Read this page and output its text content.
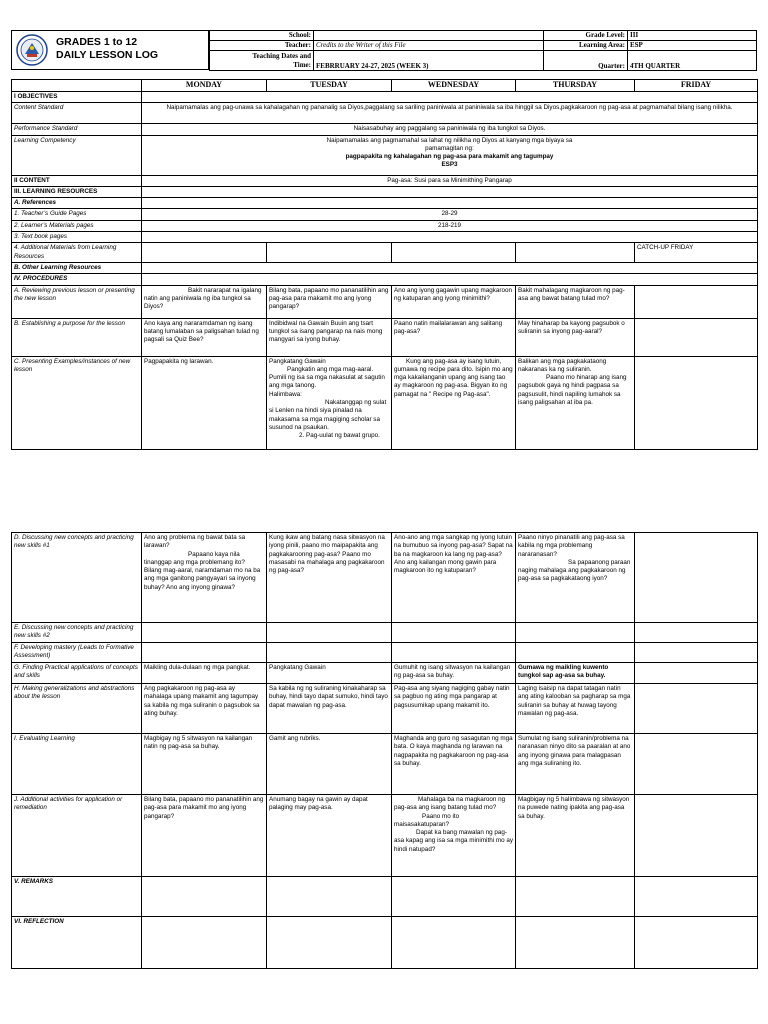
GRADES 1 to 12
DAILY LESSON LOG
School:		Grade Level:	III
Teacher:	Credits to the Writer of this File	Learning Area:	ESP

Teaching Dates and
Time:	FEBRRUARY 24-27, 2025 (WEEK 3)	Quarter:	4TH QUARTER
	MONDAY	TUESDAY	WEDNESDAY	THURSDAY	FRIDAY
I OBJECTIVES					
Content Standard	Naipamamalas ang pag-unawa sa kahalagahan ng pananalig sa Diyos,paggalang sa sariling paniniwala at paniniwala sa iba hinggil sa Diyos,pagkakaroon ng pag-asa at pagmamahal bilang isang nilikha.				
Performance Standard	Naisasabuhay ang paggalang sa paniniwala ng iba tungkol sa Diyos.				
Learning Competency	Naipamamalas ang pagmamahal sa lahat ng nilikha ng Diyos at kanyang mga biyaya sa pamamagitan ng:
pagpapakita ng kahalagahan ng pag-asa para makamit ang tagumpay
ESP3				

II CONTENT	Pag-asa: Susi para sa Minimithing Pangarap				
III. LEARNING RESOURCES					
A. References					
1. Teacher’s Guide Pages	28-29				
2. Learner’s Materials pages	218-219				
3. Text book pages					
4. Additional Materials from Learning Resources					CATCH-UP FRIDAY
B. Other Learning Resources					
IV. PROCEDURES					
A. Reviewing previous lesson or presenting the new lesson	Bakit nararapat na igalang natin ang paniniwala ng iba tungkol sa Diyos?	Bilang bata, papaano mo pananatilihin ang pag-asa para makamit mo ang iyong pangarap?	Ano ang iyong gagawin upang magkaroon ng katuparan ang iyong minimithi?	Bakit mahalagang magkaroon ng pag-asa ang bawat batang tulad mo?	
B. Establishing a purpose for the lesson	Ano kaya ang nararamdaman ng isang batang lumalaban sa paligsahan tulad ng pagsali sa Quiz Bee?	Indibidwal na Gawain Buuin ang tsart tungkol sa isang pangarap na nais mong mangyari sa iyong buhay.	Paano natin mailalarawan ang salitang pag-asa?	May hinaharap ba kayong pagsubok o suliranin sa inyong pag-aaral?	
C. Presenting Examples/instances of new lesson	Pagpapakita ng larawan.	Pangkatang Gawain
Pangkatin ang mga mag-aaral. Pumili ng isa sa mga nakasulat at sagutin ang mga tanong.
Halimbawa:
Nakatanggap ng sulat si Lenlen na hindi siya pinalad na makasama sa mga magiging scholar sa susunod na psaukan.
2. Pag-uulat ng bawat grupo.	Kung ang pag-asa ay isang lutuin, gumawa ng recipe para dito. Isipin mo ang mga kakailanganin upang ang isang tao ay magkaroon ng pag-asa. Bigyan ito ng pamagat na " Recipe ng Pag-asa".	Balikan ang mga pagkakataong nakaranas ka ng suliranin.
Paano mo hinarap ang isang pagsubok gaya ng hindi pagpasa sa pagsusulit, hindi napiling lumahok sa isang paligsahan at iba pa.	

D. Discussing new concepts and practicing new skills #1	Ano ang problema ng bawat bata sa larawan?
Papaano kaya nila tinanggap ang mga problemang ito?
Bilang mag-aaral, naramdaman mo na ba ang mga ganitong pangyayari sa inyong buhay? Ano ang inyong ginawa?	Kung ikaw ang batang nasa sitwasyon na iyong pinili, paano mo maipapakita ang pagkakaroonng pag-asa? Paano mo masasabi na mahalaga ang pagkakaroon ng pag-asa?	Ano-ano ang mga sangkap ng iyong lutuin na bumubuo sa inyong pag-asa? Sapat na ba na magkaroon ka lang ng pag-asa? Ano ang kailangan mong gawin para magkaroon ito ng katuparan?	Paano ninyo pinanatili ang pag-asa sa kabila ng mga problemang nararanasan?
Sa papaanong paraan naging mahalaga ang pagkakaroon ng pag-asa sa pagkakataong iyon?	

E. Discussing new concepts and practicing new skills #2					
F. Developing mastery (Leads to Formative Assessment)					
G. Finding Practical applications of concepts and skills	Maikling dula-dulaan ng mga pangkat.	Pangkatang Gawain	Gumuhit ng isang sitwasyon na kailangan ng pag-asa sa buhay.	Gumawa ng maikling kuwento tungkol sap ag-asa sa buhay.	
H. Making generalizations and abstractions about the lesson	Ang pagkakaroon ng pag-asa ay mahalaga upang makamit ang tagumpay sa kabila ng mga suliranin o pagsubok sa ating buhay.	Sa kabila ng ng suliraning kinakaharap sa buhay, hindi tayo dapat sumuko, hindi tayo dapat mawalan ng pag-asa.	Pag-asa ang siyang nagiging gabay natin sa pagbuo ng ating mga pangarap at pagsusumikap upang makamit ito.	Laging isaisip na dapat tatagan natin ang ating kalooban sa pagharap sa mga suliranin sa buhay at huwag tayong mawalan ng pag-asa.	
I. Evaluating Learning	Magbigay ng 5 sitwasyon na kailangan natin ng pag-asa sa buhay.	Gamit ang rubriks.	Maghanda ang guro ng sasagutan ng mga bata. O kaya maghanda ng larawan na nagpapakita ng pagkakaroon ng pag-asa sa buhay.	Sumulat ng isang suliranin/problema na naranasan ninyo dito sa paaralan at ano ang inyong ginawa para malagpasan ang mga suliraning ito.	
J. Additional activities for application or remediation	Bilang bata, papaano mo pananatilihin ang pag-asa para makamit mo ang iyong pangarap?	Anumang bagay na gawin ay dapat palaging may pag-asa.	Mahalaga ba na magkaroon ng pag-asa ang isang batang tulad mo?
Paano mo ito maisasakatuparan?
Dapat ka bang mawalan ng pag-asa kapag ang isa sa mga minimithi mo ay hindi natupad?	Magbigay ng 5 halimbawa ng sitwasyon na puwede nating ipakita ang pag-asa sa buhay.	
V. REMARKS					
VI. REFLECTION					
